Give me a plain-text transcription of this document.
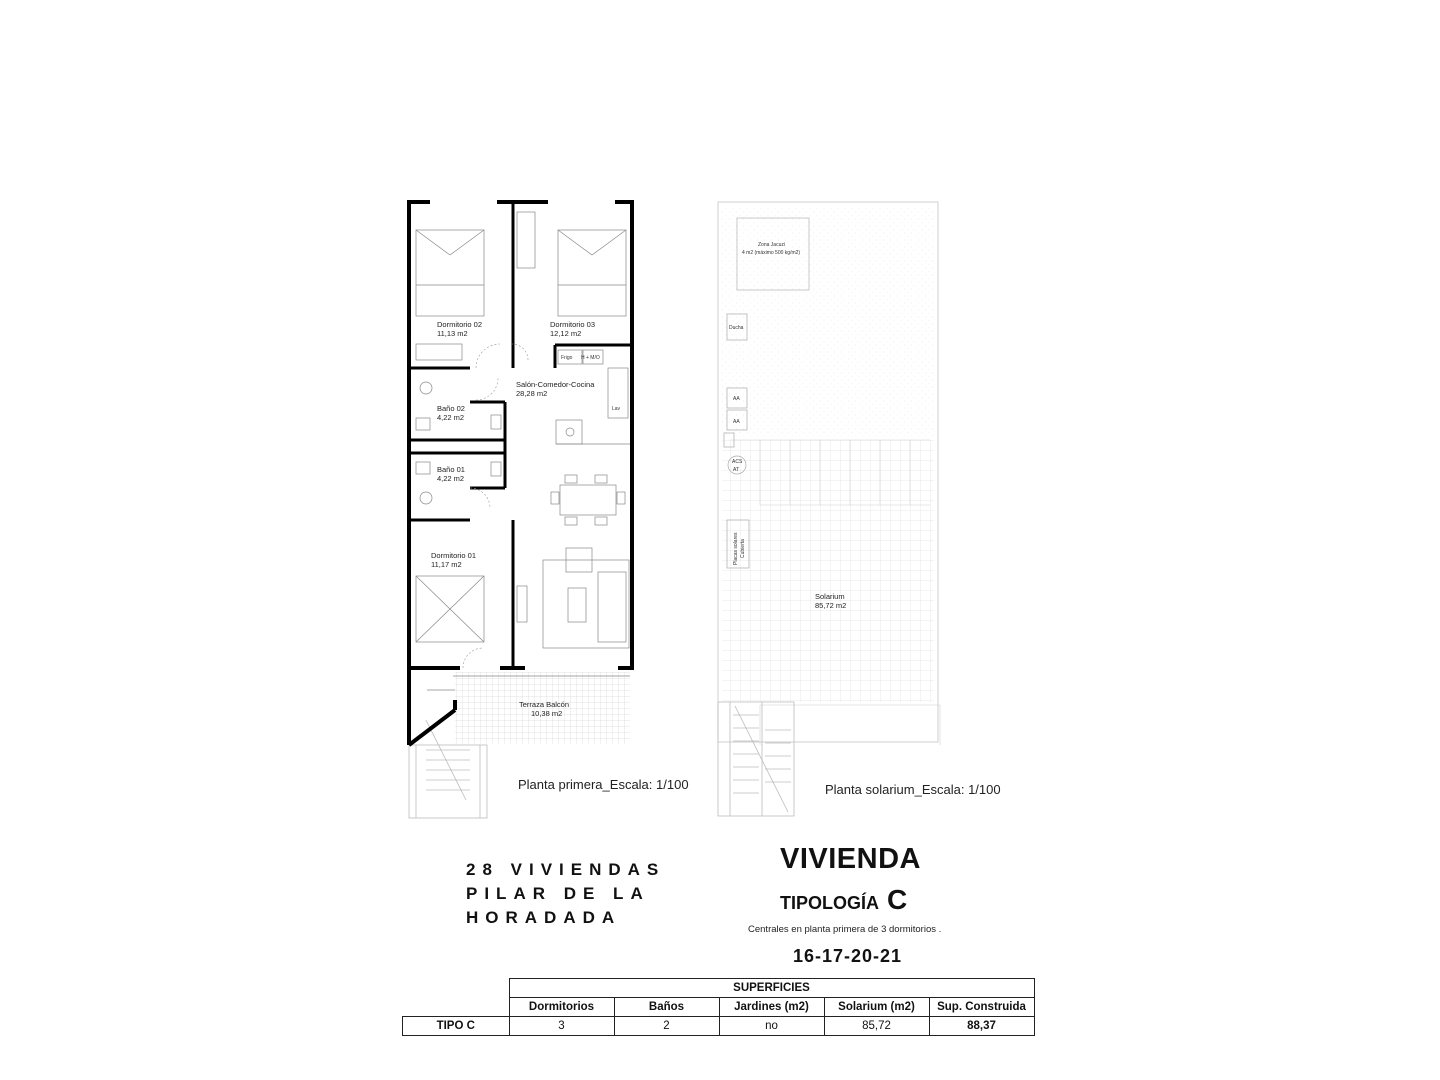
Dormitorio 02
11,13 m2
Dormitorio 03
12,12 m2
Salón-Comedor-Cocina
28,28 m2
Baño 02
4,22 m2
Baño 01
4,22 m2
Dormitorio 01
11,17 m2
Terraza Balcón
10,38 m2
Frigo H + M/O
Lav
Zona Jacuzi
4 m2 (máximo 500 kg/m2)
Ducha
AA
AA
ACS
AT
Placas solares Cubierta
Solarium
85,72 m2
Planta primera_Escala: 1/100	Planta solarium_Escala: 1/100
28 VIVIENDAS
PILAR DE LA
HORADADA
VIVIENDA
TIPOLOGÍA C
Centrales en planta primera de 3 dormitorios .
16-17-20-21
	SUPERFICIES				
	Dormitorios	Baños	Jardines (m2)	Solarium (m2)	Sup. Construida
TIPO C	3	2	no	85,72	88,37
